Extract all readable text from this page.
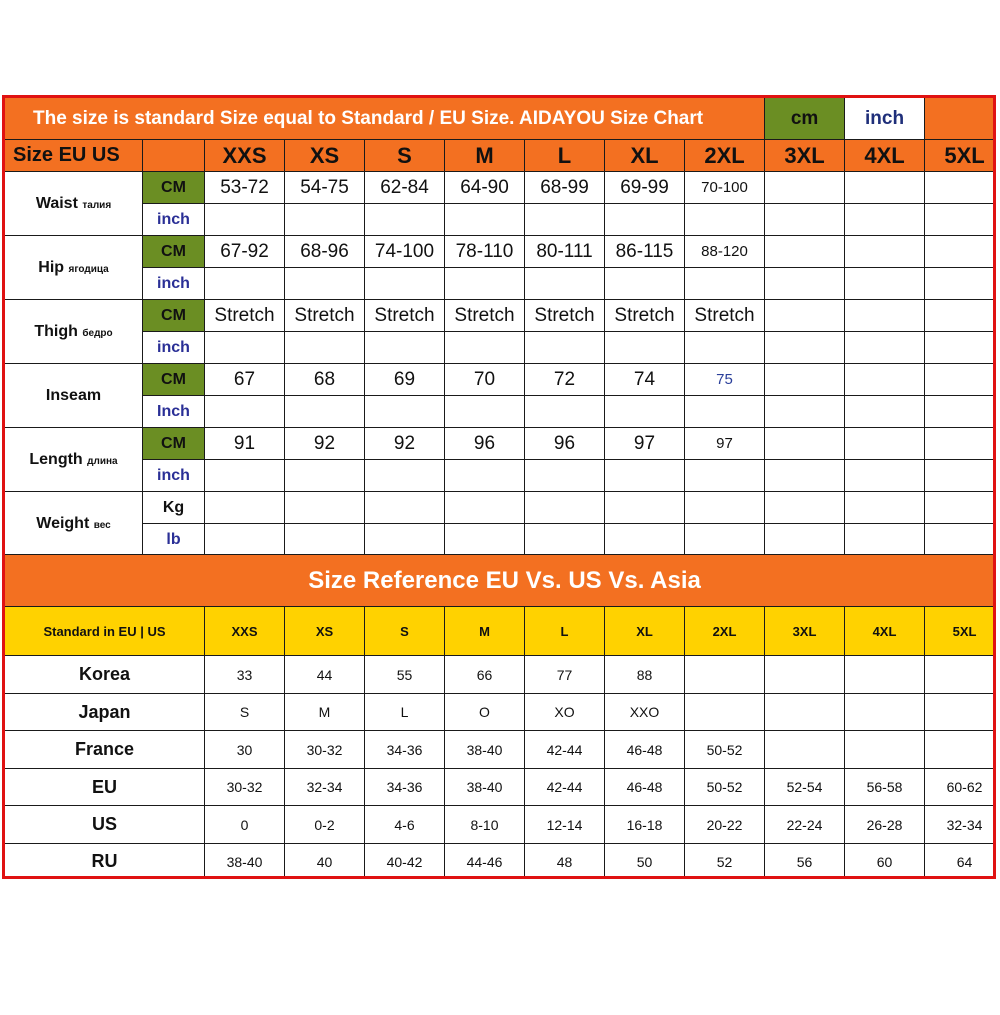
The size is standard Size equal to Standard / EU Size. AIDAYOU Size Chart									cm	inch	
Size EU US		XXS	XS	S	M	L	XL	2XL	3XL	4XL	5XL
Waist талия	CM	53-72	54-75	62-84	64-90	68-99	69-99	70-100			
	inch										
Hip ягодица	CM	67-92	68-96	74-100	78-110	80-111	86-115	88-120			
	inch										
Thigh бедро	CM	Stretch	Stretch	Stretch	Stretch	Stretch	Stretch	Stretch			
	inch										
Inseam	CM	67	68	69	70	72	74	75			
	Inch										
Length длина	CM	91	92	92	96	96	97	97			
	inch										
Weight вес	Kg										
	lb										
Size Reference EU Vs. US Vs. Asia										
Standard in EU | US	XXS	XS	S	M	L	XL	2XL	3XL	4XL	5XL
Korea	33	44	55	66	77	88				
Japan	S	M	L	O	XO	XXO				
France	30	30-32	34-36	38-40	42-44	46-48	50-52			
EU	30-32	32-34	34-36	38-40	42-44	46-48	50-52	52-54	56-58	60-62
US	0	0-2	4-6	8-10	12-14	16-18	20-22	22-24	26-28	32-34
RU	38-40	40	40-42	44-46	48	50	52	56	60	64
